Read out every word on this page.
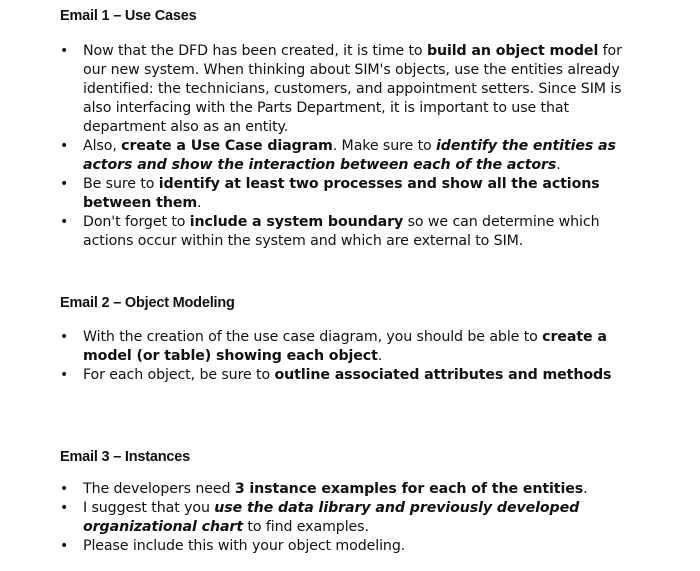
Email 1 – Use Cases
• Now that the DFD has been created, it is time to build an object model for our new system. When thinking about SIM's objects, use the entities already identified: the technicians, customers, and appointment setters. Since SIM is also interfacing with the Parts Department, it is important to use that department also as an entity.
• Also, create a Use Case diagram. Make sure to identify the entities as actors and show the interaction between each of the actors.
• Be sure to identify at least two processes and show all the actions between them.
• Don't forget to include a system boundary so we can determine which actions occur within the system and which are external to SIM.
Email 2 – Object Modeling
• With the creation of the use case diagram, you should be able to create a model (or table) showing each object.
• For each object, be sure to outline associated attributes and methods
Email 3 – Instances
• The developers need 3 instance examples for each of the entities.
• I suggest that you use the data library and previously developed organizational chart to find examples.
• Please include this with your object modeling.
